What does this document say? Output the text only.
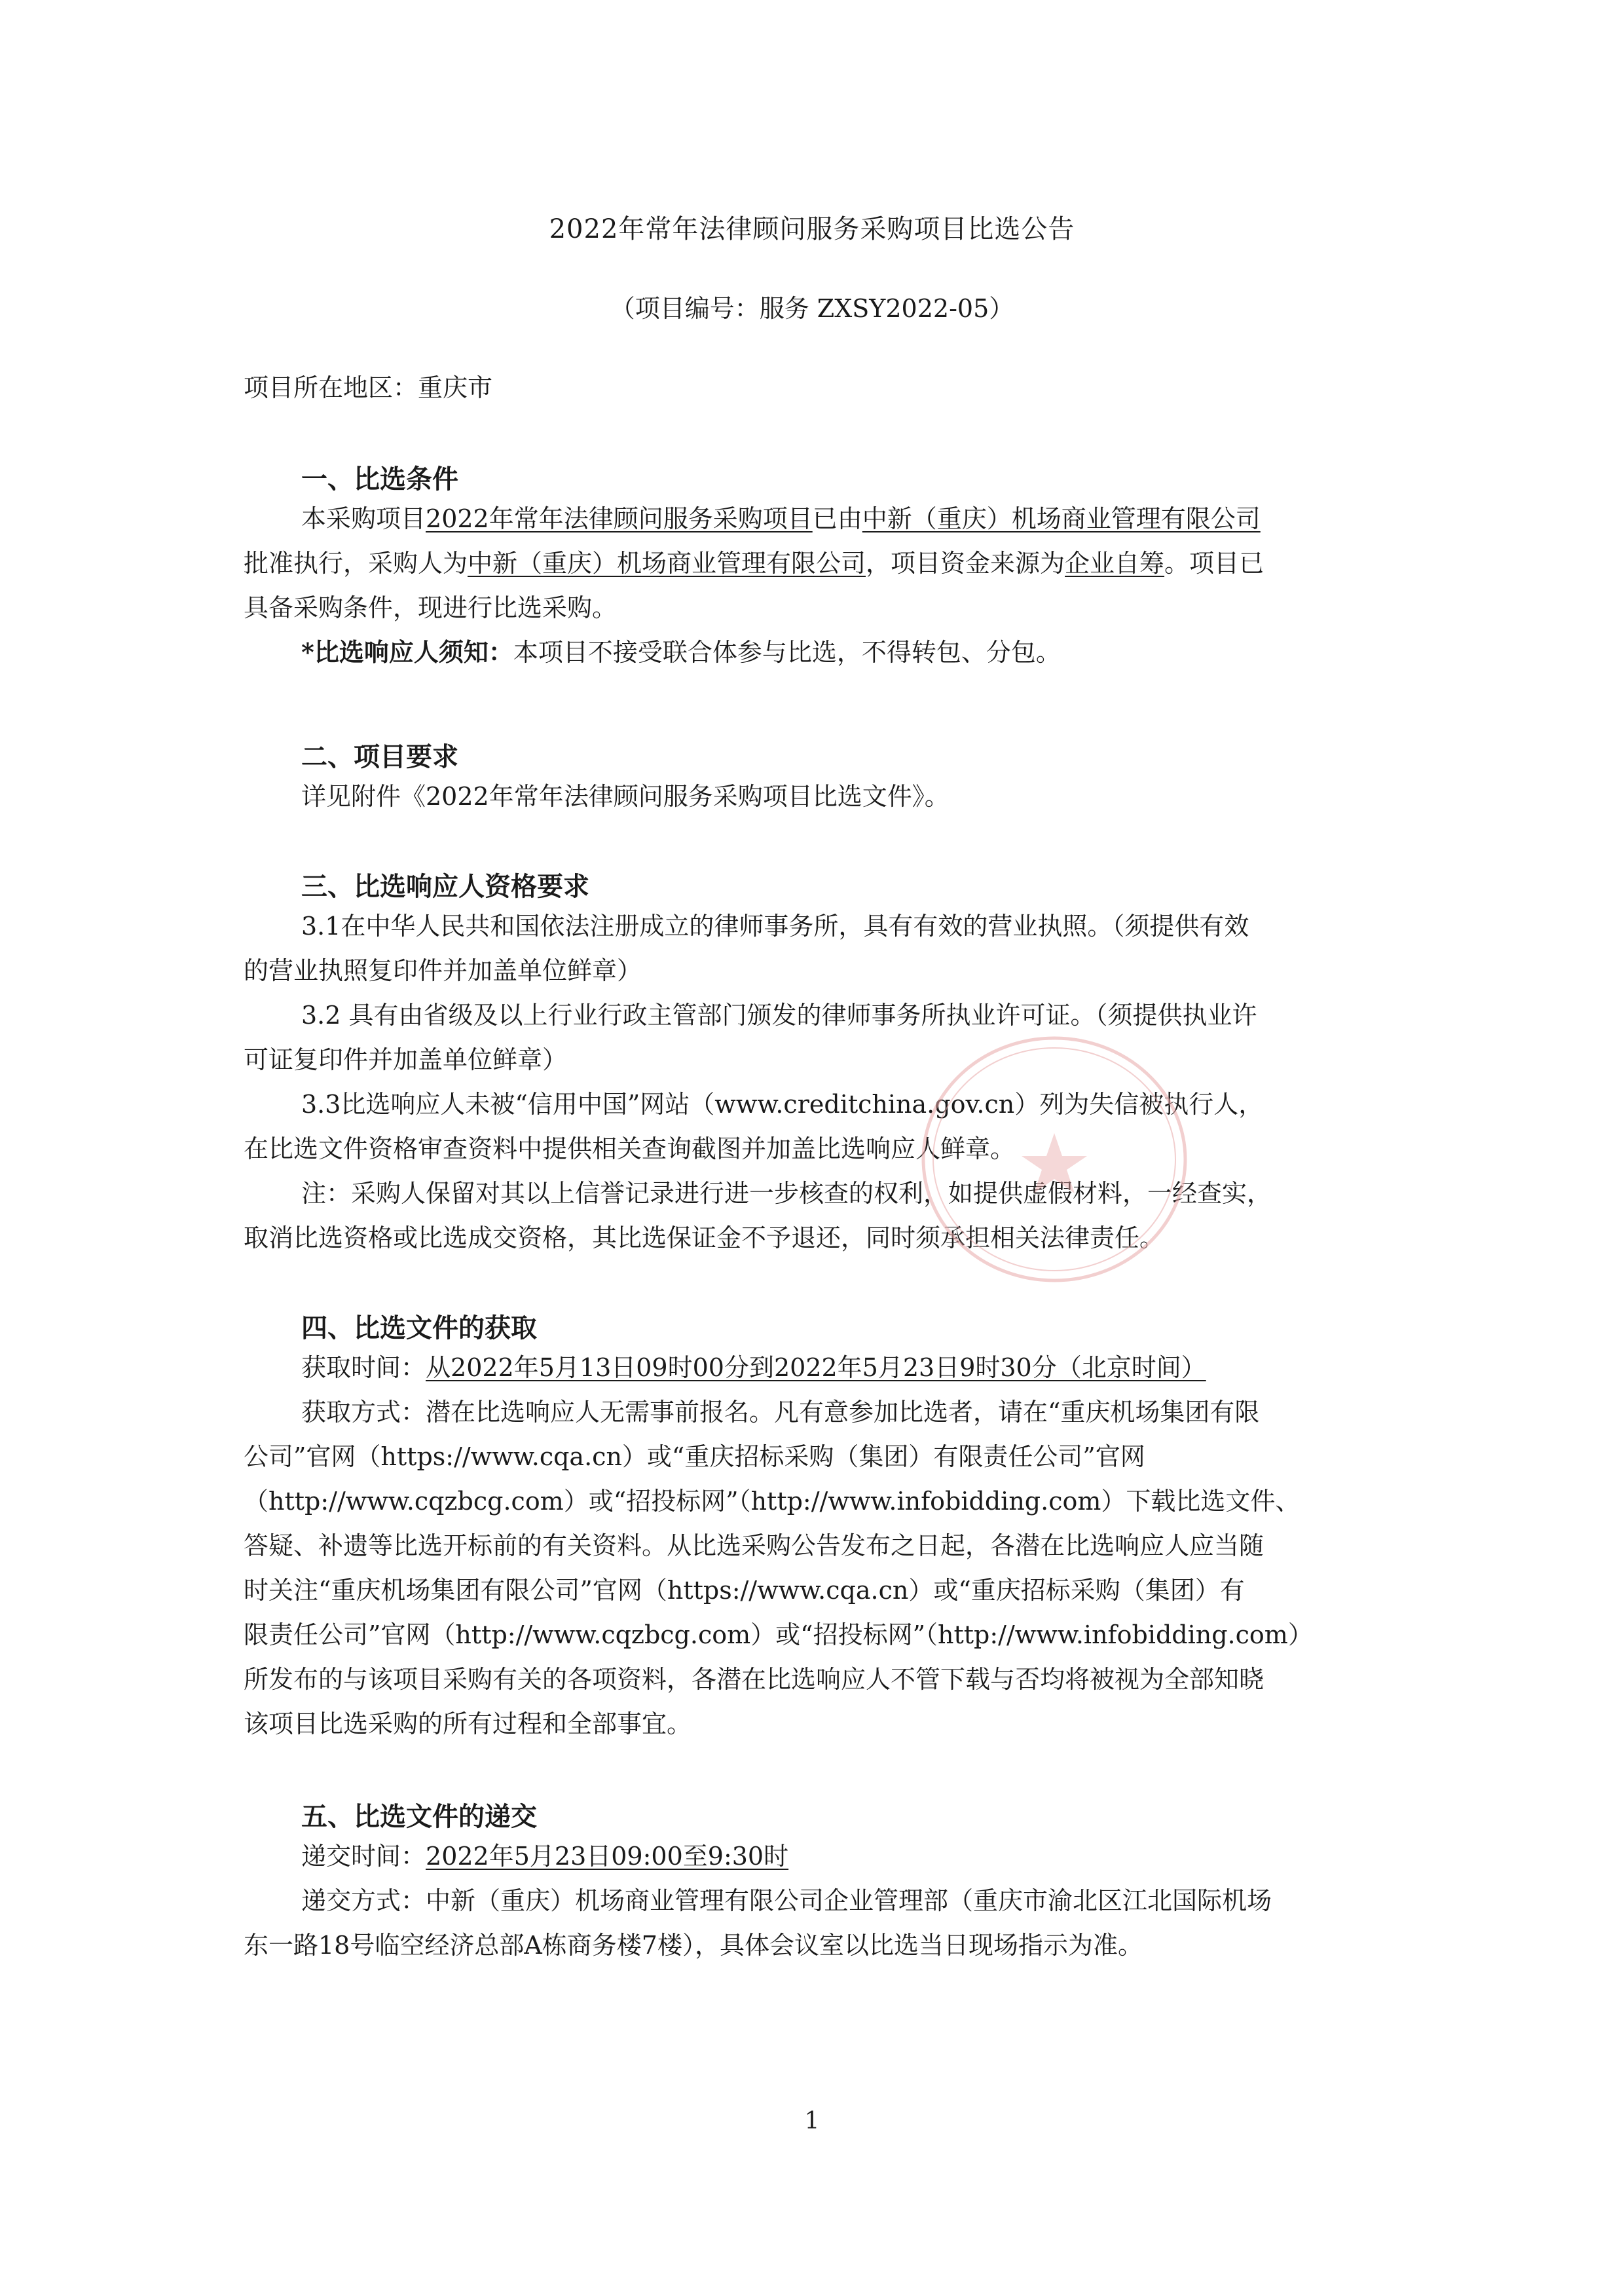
2022年常年法律顾问服务采购项目比选公告
（项目编号：服务 ZXSY2022-05）
项目所在地区：重庆市
一、比选条件
本采购项目2022年常年法律顾问服务采购项目已由中新（重庆）机场商业管理有限公司
批准执行，采购人为中新（重庆）机场商业管理有限公司，项目资金来源为企业自筹。项目已
具备采购条件，现进行比选采购。
*比选响应人须知：本项目不接受联合体参与比选，不得转包、分包。
二、项目要求
详见附件《2022年常年法律顾问服务采购项目比选文件》。
三、比选响应人资格要求
3.1在中华人民共和国依法注册成立的律师事务所，具有有效的营业执照。（须提供有效
的营业执照复印件并加盖单位鲜章）
3.2 具有由省级及以上行业行政主管部门颁发的律师事务所执业许可证。（须提供执业许
可证复印件并加盖单位鲜章）
3.3比选响应人未被“信用中国”网站（www.creditchina.gov.cn）列为失信被执行人，
在比选文件资格审查资料中提供相关查询截图并加盖比选响应人鲜章。
注：采购人保留对其以上信誉记录进行进一步核查的权利，如提供虚假材料，一经查实，
取消比选资格或比选成交资格，其比选保证金不予退还，同时须承担相关法律责任。
四、比选文件的获取
获取时间：从2022年5月13日09时00分到2022年5月23日9时30分（北京时间）
获取方式：潜在比选响应人无需事前报名。凡有意参加比选者，请在“重庆机场集团有限
公司”官网（https://www.cqa.cn）或“重庆招标采购（集团）有限责任公司”官网
（http://www.cqzbcg.com）或“招投标网”（http://www.infobidding.com）下载比选文件、
答疑、补遗等比选开标前的有关资料。从比选采购公告发布之日起，各潜在比选响应人应当随
时关注“重庆机场集团有限公司”官网（https://www.cqa.cn）或“重庆招标采购（集团）有
限责任公司”官网（http://www.cqzbcg.com）或“招投标网”（http://www.infobidding.com）
所发布的与该项目采购有关的各项资料，各潜在比选响应人不管下载与否均将被视为全部知晓
该项目比选采购的所有过程和全部事宜。
五、比选文件的递交
递交时间：2022年5月23日09:00至9:30时
递交方式：中新（重庆）机场商业管理有限公司企业管理部（重庆市渝北区江北国际机场
东一路18号临空经济总部A栋商务楼7楼），具体会议室以比选当日现场指示为准。
1
